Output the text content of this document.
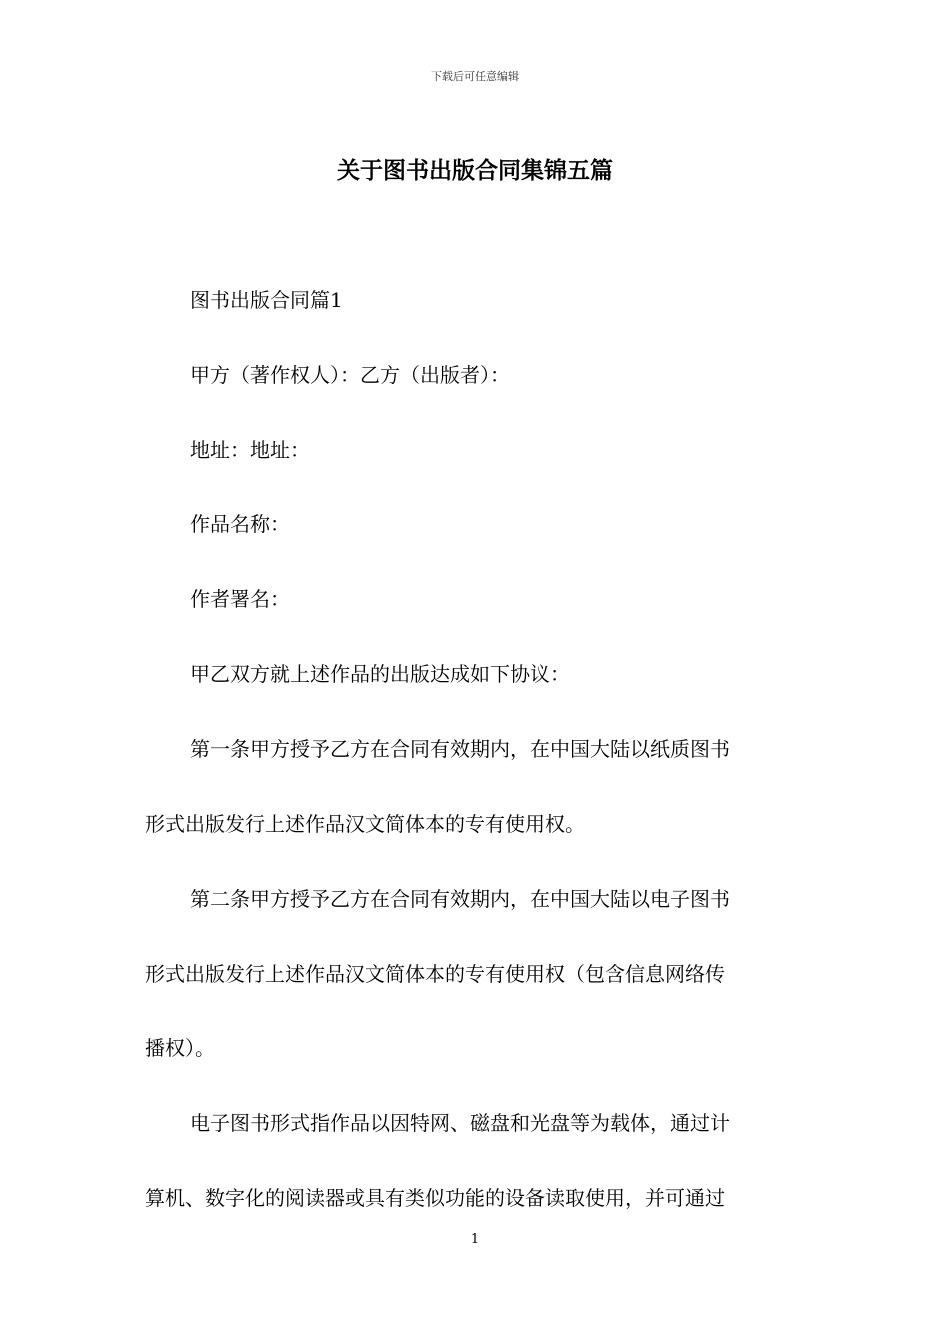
下载后可任意编辑
关于图书出版合同集锦五篇
图书出版合同篇1
甲方（著作权人）：乙方（出版者）：
地址：地址：
作品名称：
作者署名：
甲乙双方就上述作品的出版达成如下协议：
第一条甲方授予乙方在合同有效期内，在中国大陆以纸质图书
形式出版发行上述作品汉文简体本的专有使用权。
第二条甲方授予乙方在合同有效期内，在中国大陆以电子图书
形式出版发行上述作品汉文简体本的专有使用权（包含信息网络传
播权）。
电子图书形式指作品以因特网、磁盘和光盘等为载体，通过计
算机、数字化的阅读器或具有类似功能的设备读取使用，并可通过
1
